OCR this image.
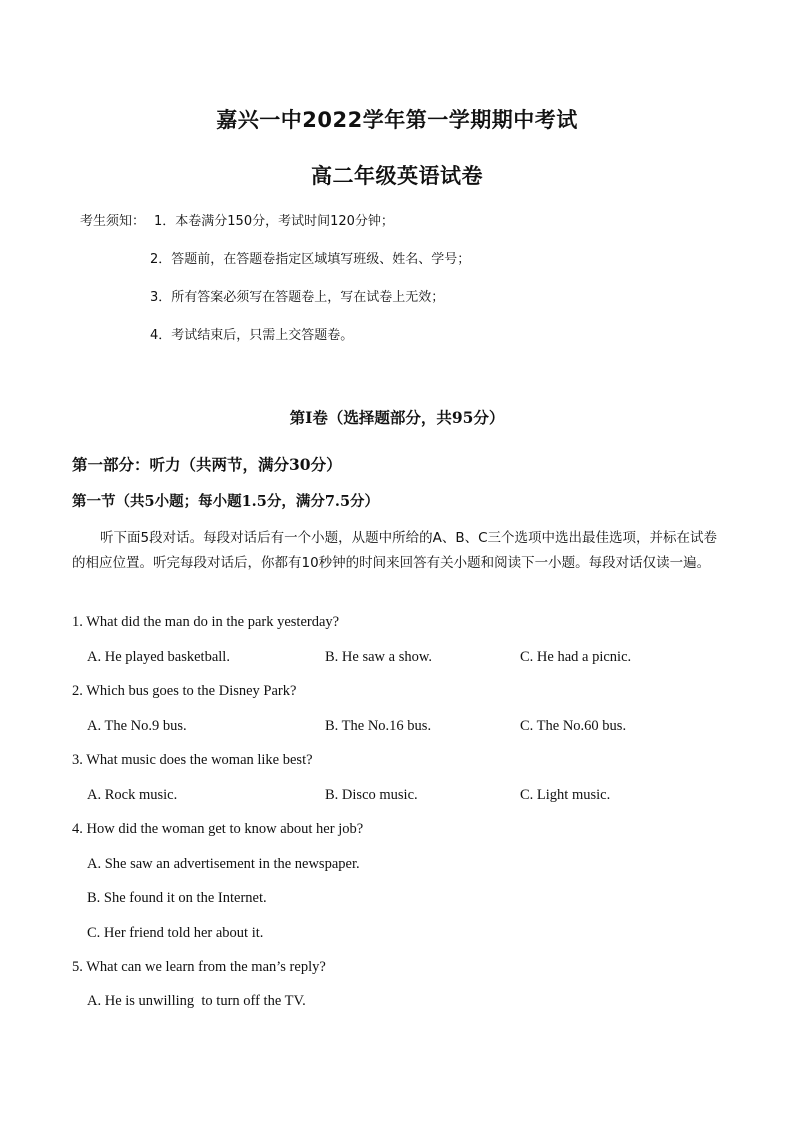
嘉兴一中2022学年第一学期期中考试
高二年级英语试卷
考生须知： 1．本卷满分150分，考试时间120分钟；
2．答题前，在答题卷指定区域填写班级、姓名、学号；
3．所有答案必须写在答题卷上，写在试卷上无效；
4．考试结束后，只需上交答题卷。
第I卷（选择题部分，共95分）
第一部分：听力（共两节，满分30分）
第一节（共5小题；每小题1.5分，满分7.5分）
听下面5段对话。每段对话后有一个小题，从题中所给的A、B、C三个选项中选出最佳选项，并标在试卷的相应位置。听完每段对话后，你都有10秒钟的时间来回答有关小题和阅读下一小题。每段对话仅读一遍。
1. What did the man do in the park yesterday?
A. He played basketball.	B. He saw a show.	C. He had a picnic.
2. Which bus goes to the Disney Park?
A. The No.9 bus.	B. The No.16 bus.	C. The No.60 bus.
3. What music does the woman like best?
A. Rock music.	B. Disco music.	C. Light music.
4. How did the woman get to know about her job?
A. She saw an advertisement in the newspaper.
B. She found it on the Internet.
C. Her friend told her about it.
5. What can we learn from the man’s reply?
A. He is unwilling  to turn off the TV.
